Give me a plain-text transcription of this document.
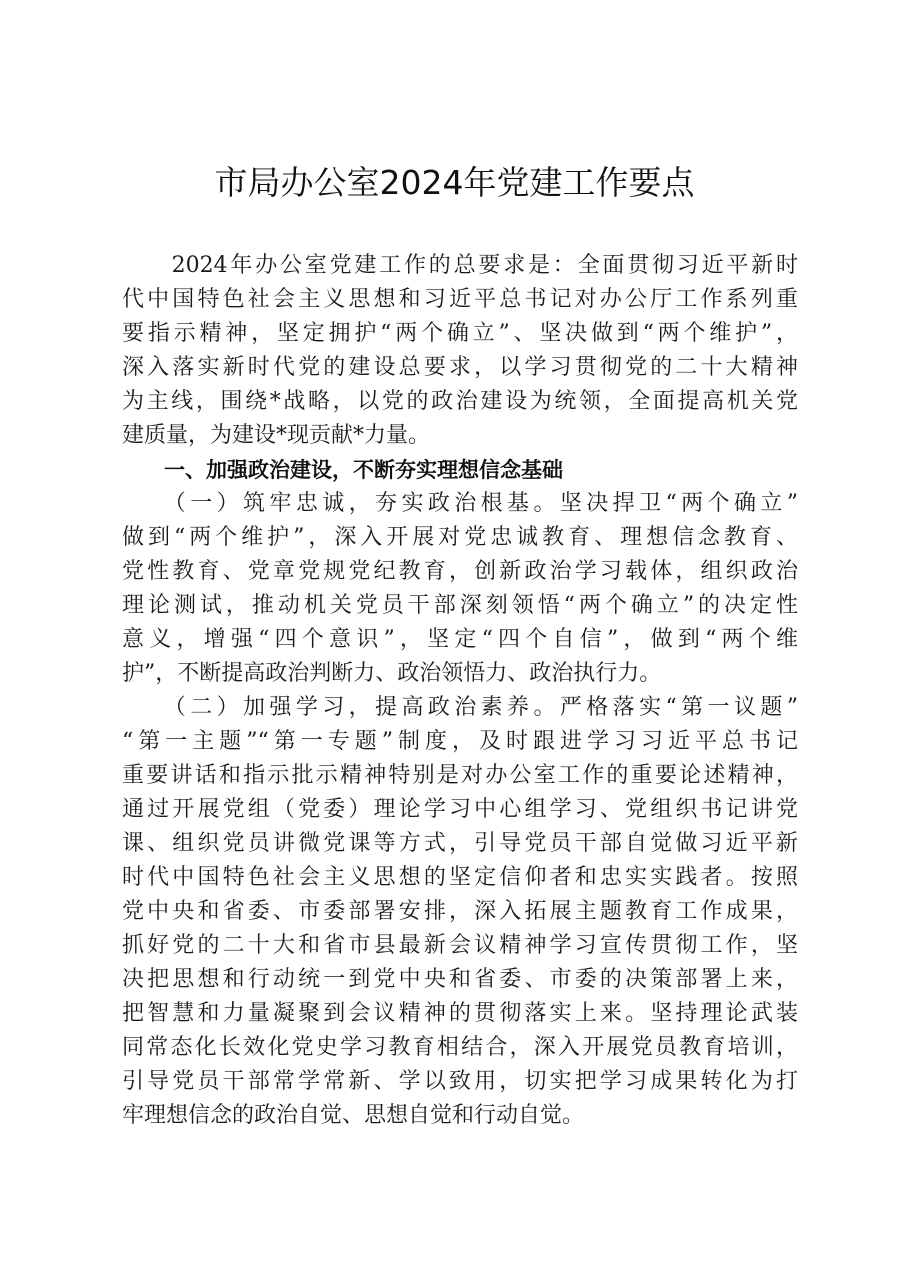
市局办公室2024年党建工作要点
　　2024年办公室党建工作的总要求是：全面贯彻习近平新时
代中国特色社会主义思想和习近平总书记对办公厅工作系列重
要指示精神，坚定拥护“两个确立”、坚决做到“两个维护”，
深入落实新时代党的建设总要求，以学习贯彻党的二十大精神
为主线，围绕*战略，以党的政治建设为统领，全面提高机关党
建质量，为建设*现贡献*力量。
　　一、加强政治建设，不断夯实理想信念基础
　　（一）筑牢忠诚，夯实政治根基。坚决捍卫“两个确立”
做到“两个维护”，深入开展对党忠诚教育、理想信念教育、
党性教育、党章党规党纪教育，创新政治学习载体，组织政治
理论测试，推动机关党员干部深刻领悟“两个确立”的决定性
意义，增强“四个意识”，坚定“四个自信”，做到“两个维
护”，不断提高政治判断力、政治领悟力、政治执行力。
　　（二）加强学习，提高政治素养。严格落实“第一议题”
“第一主题”“第一专题”制度，及时跟进学习习近平总书记
重要讲话和指示批示精神特别是对办公室工作的重要论述精神，
通过开展党组（党委）理论学习中心组学习、党组织书记讲党
课、组织党员讲微党课等方式，引导党员干部自觉做习近平新
时代中国特色社会主义思想的坚定信仰者和忠实实践者。按照
党中央和省委、市委部署安排，深入拓展主题教育工作成果，
抓好党的二十大和省市县最新会议精神学习宣传贯彻工作，坚
决把思想和行动统一到党中央和省委、市委的决策部署上来，
把智慧和力量凝聚到会议精神的贯彻落实上来。坚持理论武装
同常态化长效化党史学习教育相结合，深入开展党员教育培训，
引导党员干部常学常新、学以致用，切实把学习成果转化为打
牢理想信念的政治自觉、思想自觉和行动自觉。
